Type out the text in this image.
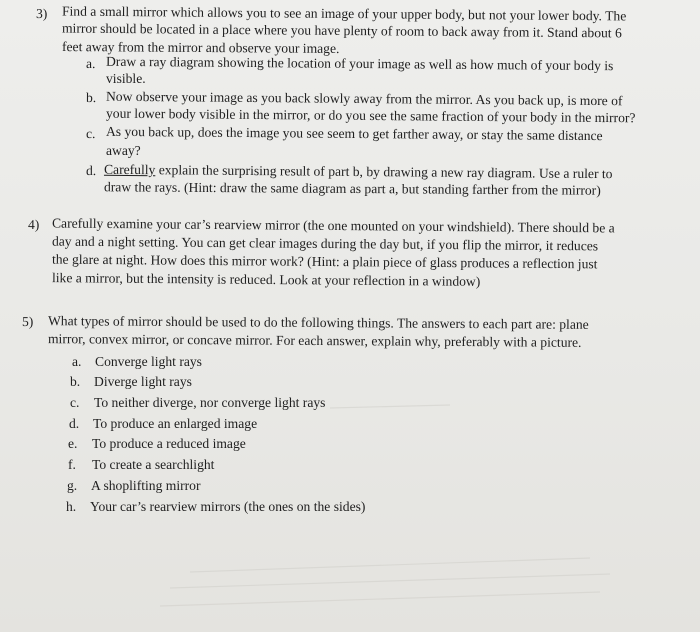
3) Find a small mirror which allows you to see an image of your upper body, but not your lower body. The
mirror should be located in a place where you have plenty of room to back away from it. Stand about 6
feet away from the mirror and observe your image.
a. Draw a ray diagram showing the location of your image as well as how much of your body is
visible.
b. Now observe your image as you back slowly away from the mirror. As you back up, is more of
your lower body visible in the mirror, or do you see the same fraction of your body in the mirror?
c. As you back up, does the image you see seem to get farther away, or stay the same distance
away?
d. Carefully explain the surprising result of part b, by drawing a new ray diagram. Use a ruler to
draw the rays. (Hint: draw the same diagram as part a, but standing farther from the mirror)
4) Carefully examine your car’s rearview mirror (the one mounted on your windshield). There should be a
day and a night setting. You can get clear images during the day but, if you flip the mirror, it reduces
the glare at night. How does this mirror work? (Hint: a plain piece of glass produces a reflection just
like a mirror, but the intensity is reduced. Look at your reflection in a window)
5) What types of mirror should be used to do the following things. The answers to each part are: plane
mirror, convex mirror, or concave mirror. For each answer, explain why, preferably with a picture.
a. Converge light rays
b. Diverge light rays
c. To neither diverge, nor converge light rays
d. To produce an enlarged image
e. To produce a reduced image
f. To create a searchlight
g. A shoplifting mirror
h. Your car’s rearview mirrors (the ones on the sides)
​
